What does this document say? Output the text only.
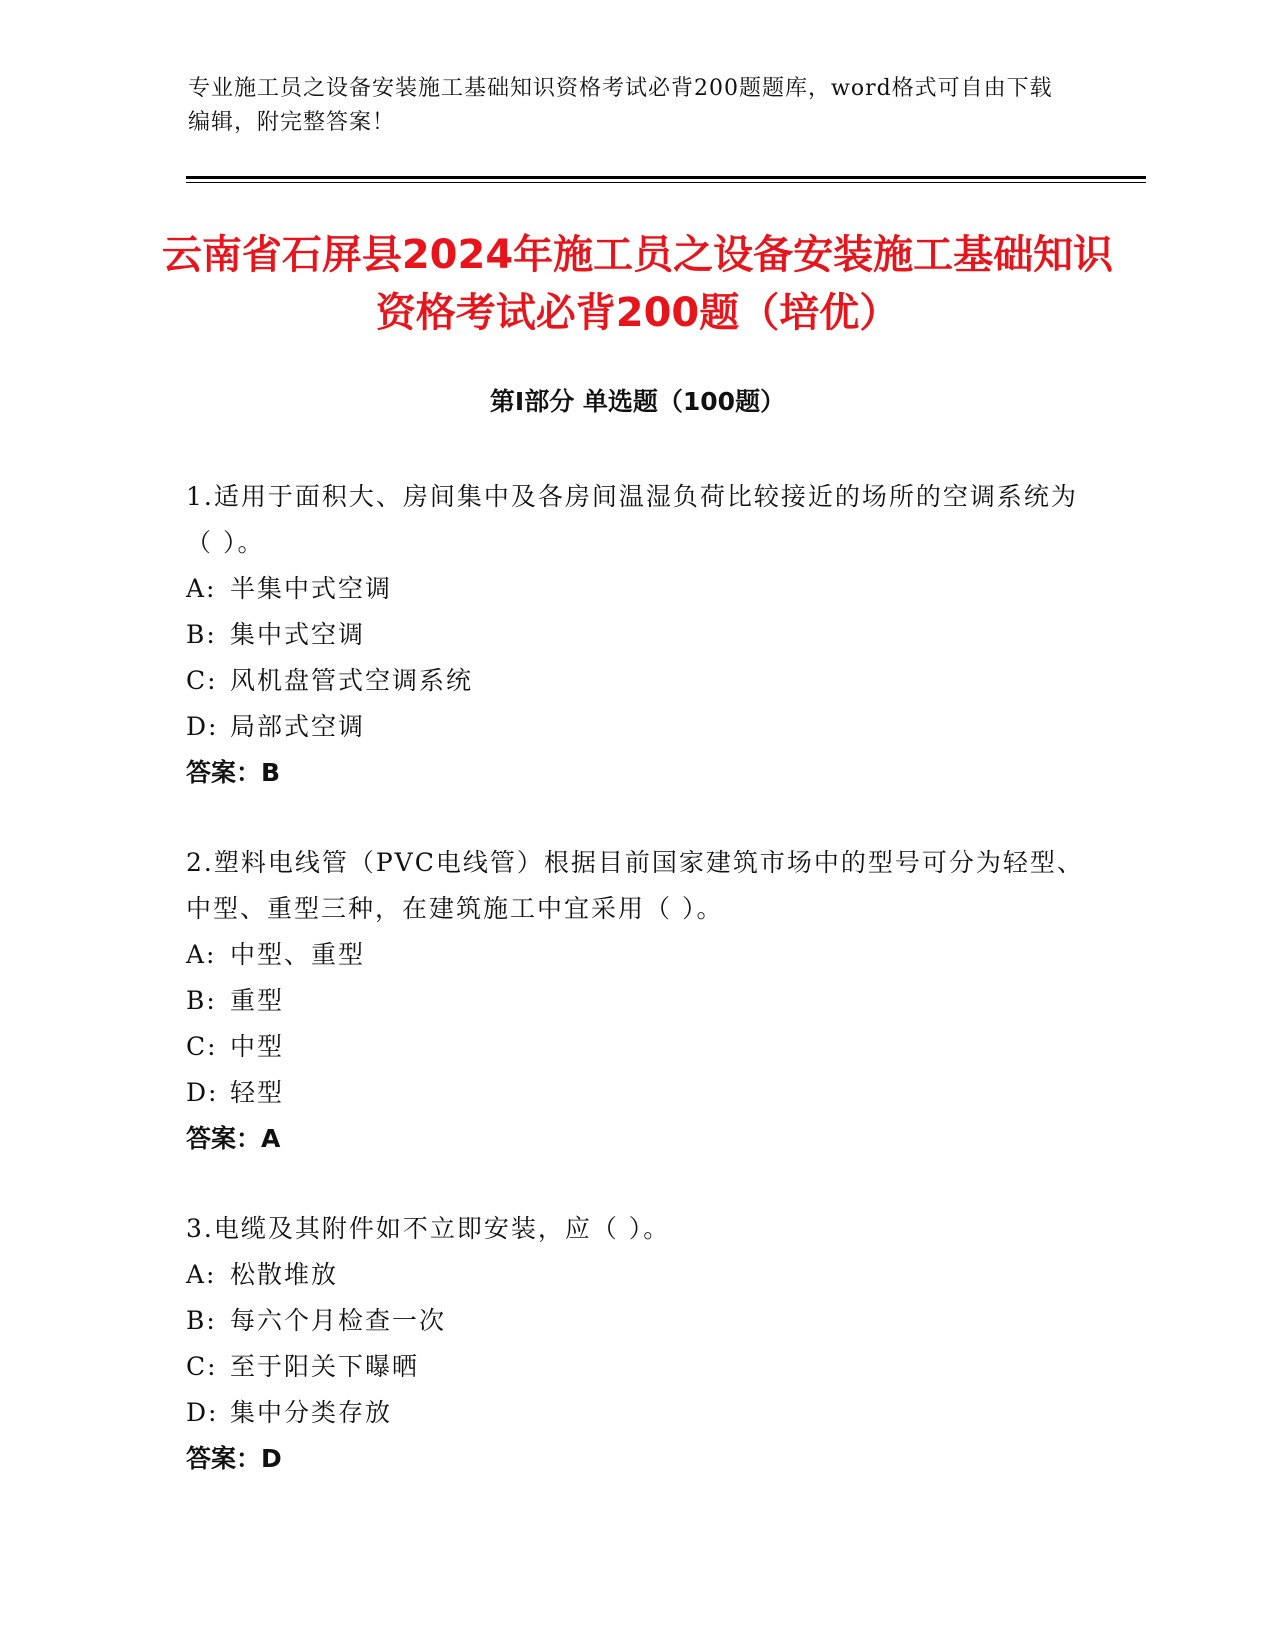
专业施工员之设备安装施工基础知识资格考试必背200题题库，word格式可自由下载编辑，附完整答案！
云南省石屏县2024年施工员之设备安装施工基础知识资格考试必背200题（培优）
第I部分 单选题（100题）
1.适用于面积大、房间集中及各房间温湿负荷比较接近的场所的空调系统为（ ）。
A: 半集中式空调
B: 集中式空调
C: 风机盘管式空调系统
D: 局部式空调
答案：B
2.塑料电线管（PVC电线管）根据目前国家建筑市场中的型号可分为轻型、中型、重型三种，在建筑施工中宜采用（ ）。
A: 中型、重型
B: 重型
C: 中型
D: 轻型
答案：A
3.电缆及其附件如不立即安装，应（ ）。
A: 松散堆放
B: 每六个月检查一次
C: 至于阳关下曝晒
D: 集中分类存放
答案：D
